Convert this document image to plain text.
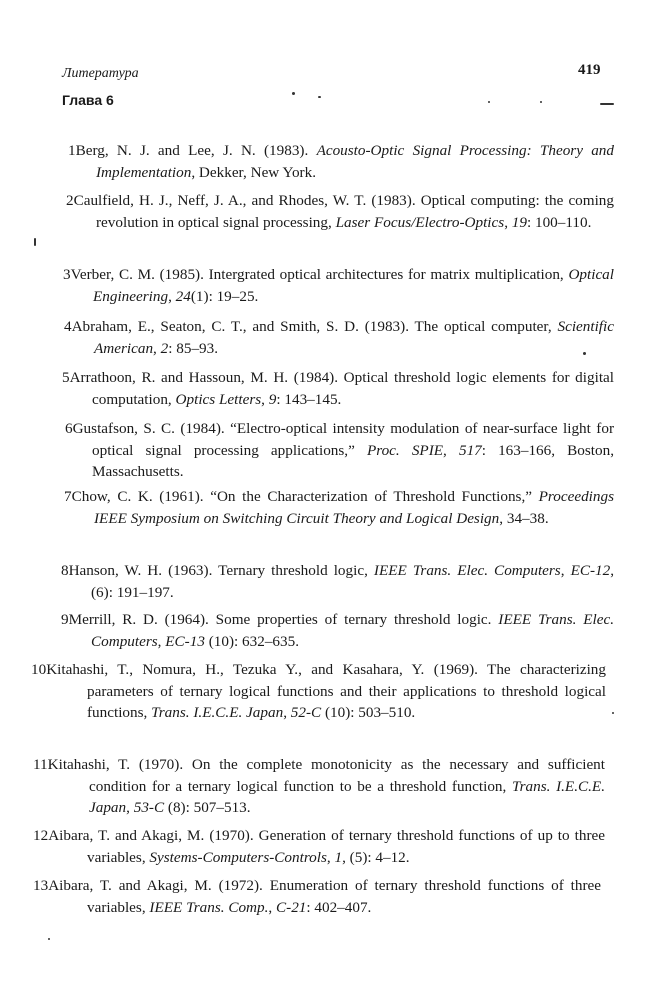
Литература	419
Глава 6
1Berg, N. J. and Lee, J. N. (1983). Acousto-Optic Signal Processing: Theory and Implementation, Dekker, New York.
2Caulfield, H. J., Neff, J. A., and Rhodes, W. T. (1983). Optical computing: the coming revolution in optical signal processing, Laser Focus/Electro-Optics, 19: 100–110.
3Verber, C. M. (1985). Intergrated optical architectures for matrix multiplication, Optical Engineering, 24(1): 19–25.
4Abraham, E., Seaton, C. T., and Smith, S. D. (1983). The optical computer, Scientific American, 2: 85–93.
5Arrathoon, R. and Hassoun, M. H. (1984). Optical threshold logic elements for digital computation, Optics Letters, 9: 143–145.
6Gustafson, S. C. (1984). “Electro-optical intensity modulation of near-surface light for optical signal processing applications,” Proc. SPIE, 517: 163–166, Boston, Massachusetts.
7Chow, C. K. (1961). “On the Characterization of Threshold Functions,” Proceedings IEEE Symposium on Switching Circuit Theory and Logical Design, 34–38.
8Hanson, W. H. (1963). Ternary threshold logic, IEEE Trans. Elec. Computers, EC-12, (6): 191–197.
9Merrill, R. D. (1964). Some properties of ternary threshold logic. IEEE Trans. Elec. Computers, EC-13 (10): 632–635.
10Kitahashi, T., Nomura, H., Tezuka Y., and Kasahara, Y. (1969). The characterizing parameters of ternary logical functions and their applications to threshold logical functions, Trans. I.E.C.E. Japan, 52-C (10): 503–510.
11Kitahashi, T. (1970). On the complete monotonicity as the necessary and sufficient condition for a ternary logical function to be a threshold function, Trans. I.E.C.E. Japan, 53-C (8): 507–513.
12Aibara, T. and Akagi, M. (1970). Generation of ternary threshold functions of up to three variables, Systems-Computers-Controls, 1, (5): 4–12.
13Aibara, T. and Akagi, M. (1972). Enumeration of ternary threshold functions of three variables, IEEE Trans. Comp., C-21: 402–407.
